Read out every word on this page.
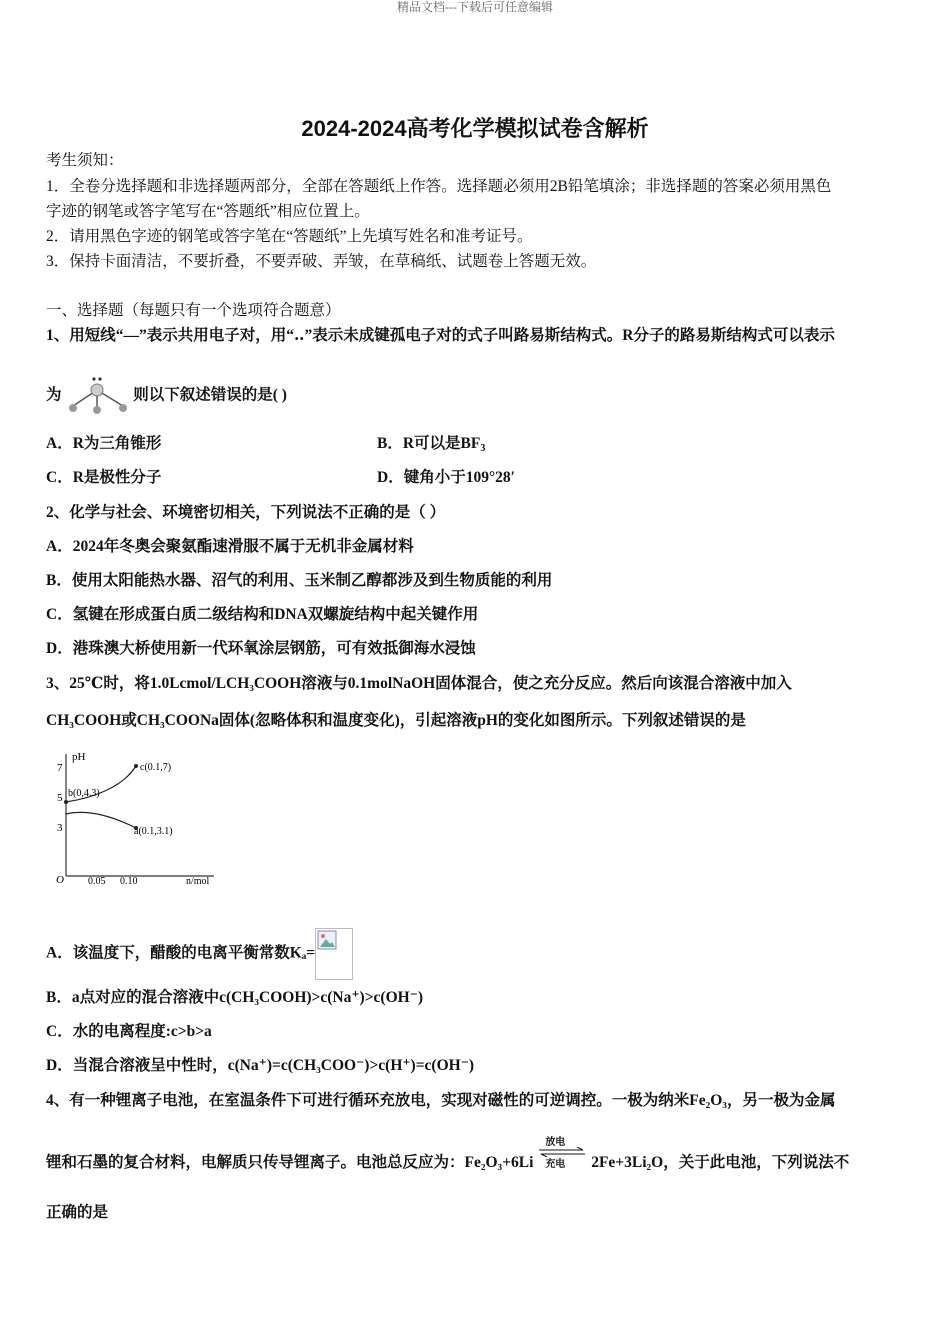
精品文档---下载后可任意编辑
2024-2024高考化学模拟试卷含解析
考生须知：
1．全卷分选择题和非选择题两部分，全部在答题纸上作答。选择题必须用2B铅笔填涂；非选择题的答案必须用黑色
字迹的钢笔或答字笔写在“答题纸”相应位置上。
2．请用黑色字迹的钢笔或答字笔在“答题纸”上先填写姓名和准考证号。
3．保持卡面清洁，不要折叠，不要弄破、弄皱，在草稿纸、试题卷上答题无效。
一、选择题（每题只有一个选项符合题意）
1、用短线“—”表示共用电子对，用“‥”表示未成键孤电子对的式子叫路易斯结构式。R分子的路易斯结构式可以表示
为	则以下叙述错误的是( )
A．R为三角锥形	B．R可以是$BF_3$
C．R是极性分子	D．键角小于109°28′
2、化学与社会、环境密切相关，下列说法不正确的是（ ）
A．2024年冬奥会聚氨酯速滑服不属于无机非金属材料
B．使用太阳能热水器、沼气的利用、玉米制乙醇都涉及到生物质能的利用
C．氢键在形成蛋白质二级结构和DNA双螺旋结构中起关键作用
D．港珠澳大桥使用新一代环氧涂层钢筋，可有效抵御海水浸蚀
3、25℃时，将1.0Lcmol/LCH₃COOH溶液与0.1molNaOH固体混合，使之充分反应。然后向该混合溶液中加入
CH₃COOH或CH₃COONa固体(忽略体积和温度变化)，引起溶液pH的变化如图所示。下列叙述错误的是
pH
n/mol
O
7
5
3
0.05 0.10
b(0,4.3)
c(0.1,7)
a(0.1,3.1)
A．该温度下，醋酸的电离平衡常数Kₐ=
B．a点对应的混合溶液中c(CH₃COOH)>c(Na⁺)>c(OH⁻)
C．水的电离程度:c>b>a
D．当混合溶液呈中性时，c(Na⁺)=c(CH₃COO⁻)>c(H⁺)=c(OH⁻)
4、有一种锂离子电池，在室温条件下可进行循环充放电，实现对磁性的可逆调控。一极为纳米Fe₂O₃，另一极为金属
锂和石墨的复合材料，电解质只传导锂离子。电池总反应为：Fe₂O₃+6Li
放电
充电 2Fe+3Li₂O，关于此电池，下列说法不
正确的是
